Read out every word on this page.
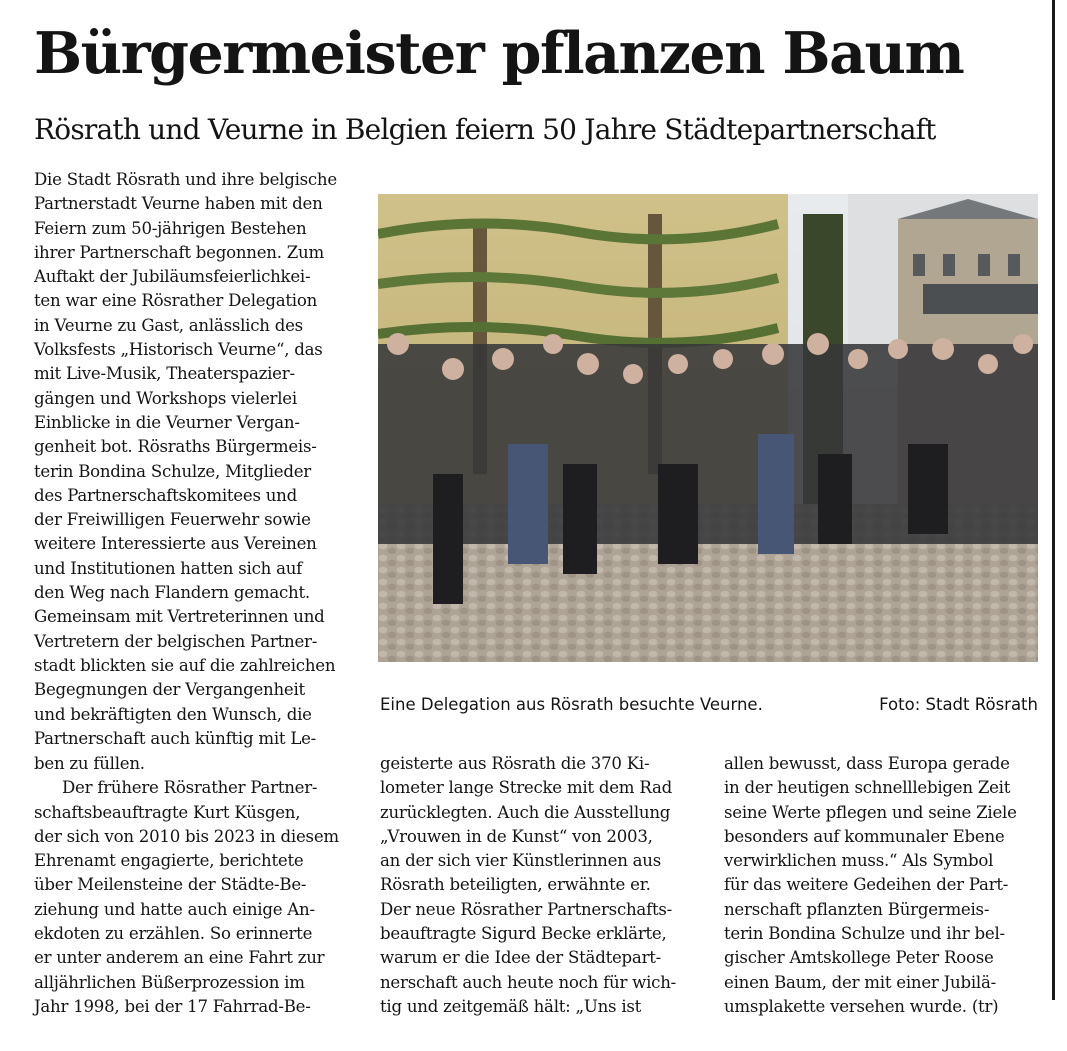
Bürgermeister pflanzen Baum
Rösrath und Veurne in Belgien feiern 50 Jahre Städtepartnerschaft
Die Stadt Rösrath und ihre belgische
Partnerstadt Veurne haben mit den
Feiern zum 50-jährigen Bestehen
ihrer Partnerschaft begonnen. Zum
Auftakt der Jubiläumsfeierlichkei-
ten war eine Rösrather Delegation
in Veurne zu Gast, anlässlich des
Volksfests „Historisch Veurne“, das
mit Live-Musik, Theaterspazier-
gängen und Workshops vielerlei
Einblicke in die Veurner Vergan-
genheit bot. Rösraths Bürgermeis-
terin Bondina Schulze, Mitglieder
des Partnerschaftskomitees und
der Freiwilligen Feuerwehr sowie
weitere Interessierte aus Vereinen
und Institutionen hatten sich auf
den Weg nach Flandern gemacht.
Gemeinsam mit Vertreterinnen und
Vertretern der belgischen Partner-
stadt blickten sie auf die zahlreichen
Begegnungen der Vergangenheit
und bekräftigten den Wunsch, die
Partnerschaft auch künftig mit Le-
ben zu füllen.
Der frühere Rösrather Partner-
schaftsbeauftragte Kurt Küsgen,
der sich von 2010 bis 2023 in diesem
Ehrenamt engagierte, berichtete
über Meilensteine der Städte-Be-
ziehung und hatte auch einige An-
ekdoten zu erzählen. So erinnerte
er unter anderem an eine Fahrt zur
alljährlichen Büßerprozession im
Jahr 1998, bei der 17 Fahrrad-Be-
geisterte aus Rösrath die 370 Ki-
lometer lange Strecke mit dem Rad
zurücklegten. Auch die Ausstellung
„Vrouwen in de Kunst“ von 2003,
an der sich vier Künstlerinnen aus
Rösrath beteiligten, erwähnte er.
Der neue Rösrather Partnerschafts-
beauftragte Sigurd Becke erklärte,
warum er die Idee der Städtepart-
nerschaft auch heute noch für wich-
tig und zeitgemäß hält: „Uns ist
allen bewusst, dass Europa gerade
in der heutigen schnelllebigen Zeit
seine Werte pflegen und seine Ziele
besonders auf kommunaler Ebene
verwirklichen muss.“ Als Symbol
für das weitere Gedeihen der Part-
nerschaft pflanzten Bürgermeis-
terin Bondina Schulze und ihr bel-
gischer Amtskollege Peter Roose
einen Baum, der mit einer Jubilä-
umsplakette versehen wurde. (tr)
Eine Delegation aus Rösrath besuchte Veurne.	Foto: Stadt Rösrath
